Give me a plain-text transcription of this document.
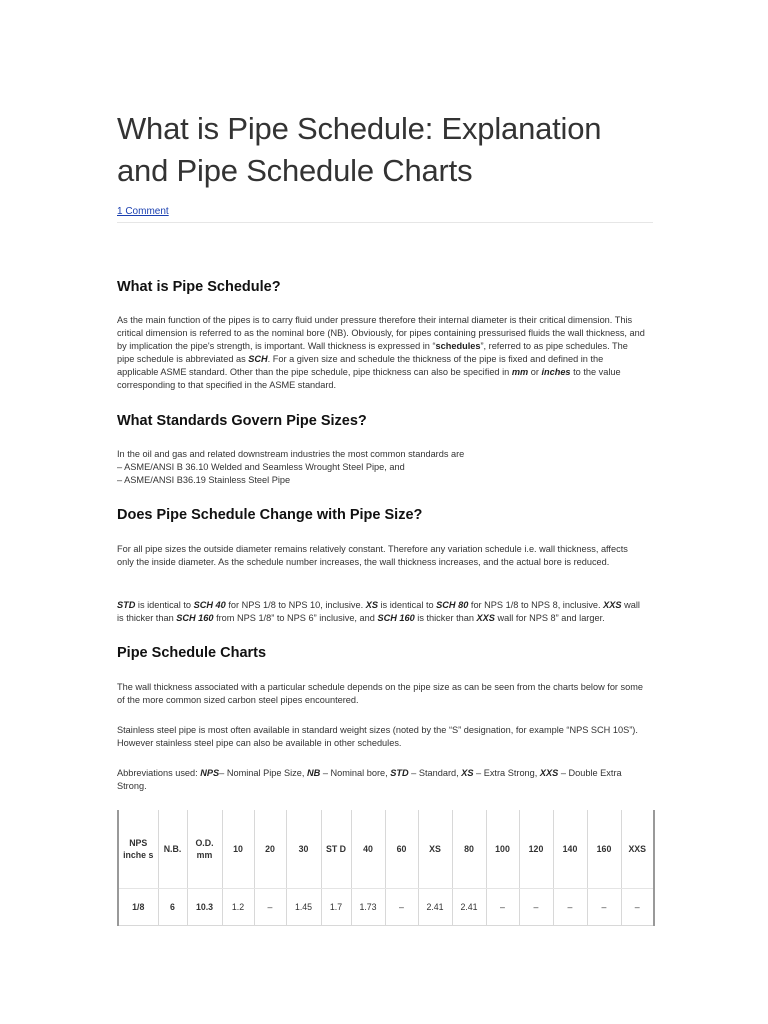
What is Pipe Schedule: Explanation and Pipe Schedule Charts
1 Comment
What is Pipe Schedule?

As the main function of the pipes is to carry fluid under pressure therefore their internal diameter is their critical dimension. This critical dimension is referred to as the nominal bore (NB). Obviously, for pipes containing pressurised fluids the wall thickness, and by implication the pipe's strength, is important. Wall thickness is expressed in “schedules”, referred to as pipe schedules. The pipe schedule is abbreviated as SCH. For a given size and schedule the thickness of the pipe is fixed and defined in the applicable ASME standard. Other than the pipe schedule, pipe thickness can also be specified in mm or inches to the value corresponding to that specified in the ASME standard.

What Standards Govern Pipe Sizes?

In the oil and gas and related downstream industries the most common standards are
– ASME/ANSI B 36.10 Welded and Seamless Wrought Steel Pipe, and
– ASME/ANSI B36.19 Stainless Steel Pipe

Does Pipe Schedule Change with Pipe Size?

For all pipe sizes the outside diameter remains relatively constant. Therefore any variation schedule i.e. wall thickness, affects only the inside diameter. As the schedule number increases, the wall thickness increases, and the actual bore is reduced.

STD is identical to SCH 40 for NPS 1/8 to NPS 10, inclusive. XS is identical to SCH 80 for NPS 1/8 to NPS 8, inclusive. XXS wall is thicker than SCH 160 from NPS 1/8” to NPS 6” inclusive, and SCH 160 is thicker than XXS wall for NPS 8” and larger.

Pipe Schedule Charts

The wall thickness associated with a particular schedule depends on the pipe size as can be seen from the charts below for some of the more common sized carbon steel pipes encountered.

Stainless steel pipe is most often available in standard weight sizes (noted by the “S” designation, for example “NPS SCH 10S”). However stainless steel pipe can also be available in other schedules.

Abbreviations used: NPS– Nominal Pipe Size, NB – Nominal bore, STD – Standard, XS – Extra Strong, XXS – Double Extra Strong.

NPS inche s	N.B.	O.D. mm	10	20	30	ST D	40	60	XS	80	100	120	140	160	XXS
1/8	6	10.3	1.2	–	1.45	1.7	1.73	–	2.41	2.41	–	–	–	–	–
